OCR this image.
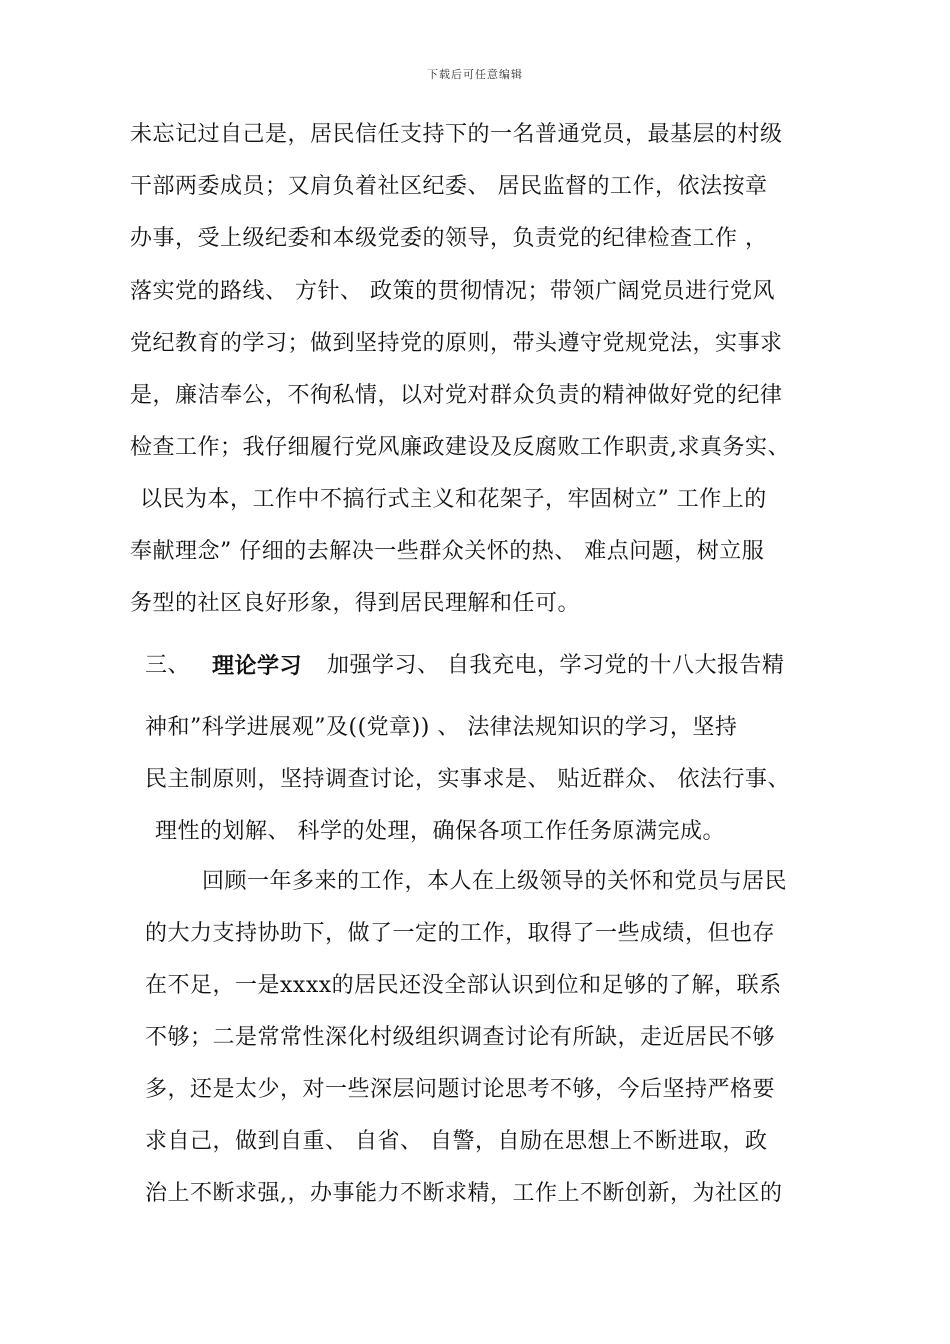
下载后可任意编辑
未忘记过自己是，居民信任支持下的一名普通党员，最基层的村级
干部两委成员；又肩负着社区纪委、 居民监督的工作，依法按章
办事，受上级纪委和本级党委的领导，负责党的纪律检查工作 ，
落实党的路线、 方针、 政策的贯彻情况；带领广阔党员进行党风
党纪教育的学习；做到坚持党的原则，带头遵守党规党法，实事求
是，廉洁奉公，不徇私情，以对党对群众负责的精神做好党的纪律
检查工作；我仔细履行党风廉政建设及反腐败工作职责,求真务实、
以民为本，工作中不搞行式主义和花架子，牢固树立” 工作上的
奉献理念” 仔细的去解决一些群众关怀的热、 难点问题，树立服
务型的社区良好形象，得到居民理解和任可。
三、 理论学习 加强学习、 自我充电，学习党的十八大报告精
神和”科学进展观”及((党章)) 、 法律法规知识的学习，坚持
民主制原则，坚持调查讨论，实事求是、 贴近群众、 依法行事、
理性的划解、 科学的处理，确保各项工作任务原满完成。
回顾一年多来的工作，本人在上级领导的关怀和党员与居民
的大力支持协助下，做了一定的工作，取得了一些成绩，但也存
在不足，一是xxxx的居民还没全部认识到位和足够的了解，联系
不够；二是常常性深化村级组织调查讨论有所缺，走近居民不够
多，还是太少，对一些深层问题讨论思考不够，今后坚持严格要
求自己，做到自重、 自省、 自警，自励在思想上不断进取，政
治上不断求强,，办事能力不断求精，工作上不断创新，为社区的
